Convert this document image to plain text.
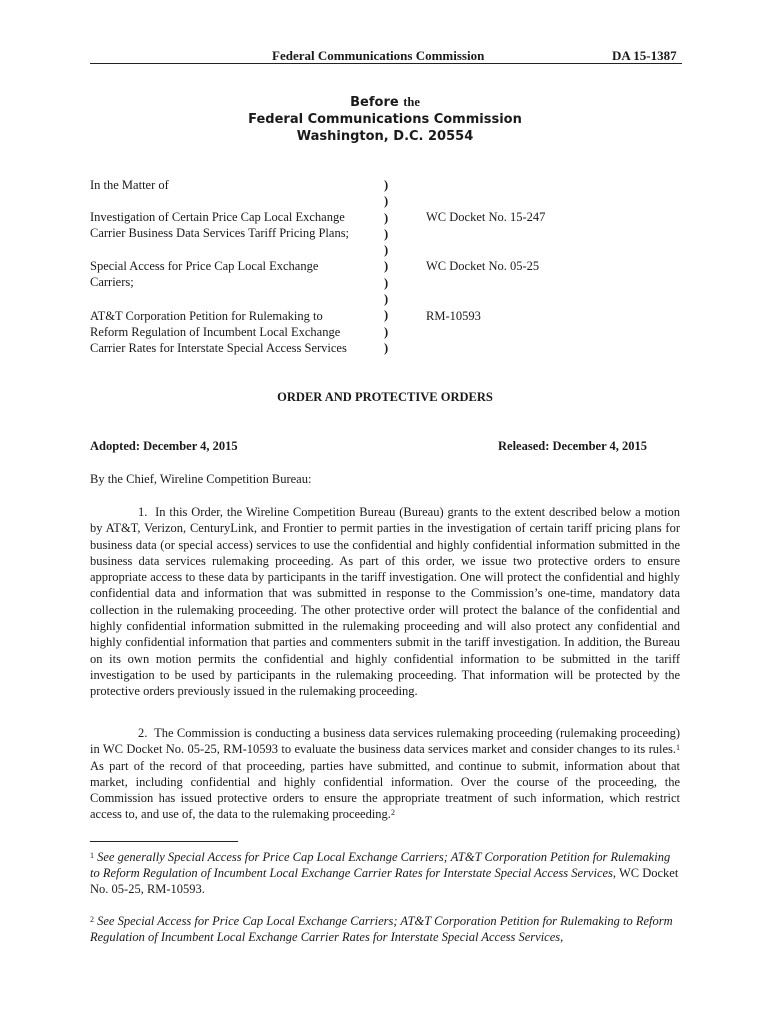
Federal Communications Commission	DA 15-1387
Before the
Federal Communications Commission
Washington, D.C. 20554
In the Matter of
Investigation of Certain Price Cap Local Exchange
Carrier Business Data Services Tariff Pricing Plans;
Special Access for Price Cap Local Exchange
Carriers;
AT&T Corporation Petition for Rulemaking to
Reform Regulation of Incumbent Local Exchange
Carrier Rates for Interstate Special Access Services
)
)
)
)
)
)
)
)
)
)
)
WC Docket No. 15-247
WC Docket No. 05-25
RM-10593
ORDER AND PROTECTIVE ORDERS
Adopted: December 4, 2015	Released: December 4, 2015
By the Chief, Wireline Competition Bureau:

1.  In this Order, the Wireline Competition Bureau (Bureau) grants to the extent described below a motion by AT&T, Verizon, CenturyLink, and Frontier to permit parties in the investigation of certain tariff pricing plans for business data (or special access) services to use the confidential and highly confidential information submitted in the business data services rulemaking proceeding. As part of this order, we issue two protective orders to ensure appropriate access to these data by participants in the tariff investigation. One will protect the confidential and highly confidential data and information that was submitted in response to the Commission’s one-time, mandatory data collection in the rulemaking proceeding. The other protective order will protect the balance of the confidential and highly confidential information submitted in the rulemaking proceeding and will also protect any confidential and highly confidential information that parties and commenters submit in the tariff investigation. In addition, the Bureau on its own motion permits the confidential and highly confidential information to be submitted in the tariff investigation to be used by participants in the rulemaking proceeding. That information will be protected by the protective orders previously issued in the rulemaking proceeding.

2.  The Commission is conducting a business data services rulemaking proceeding (rulemaking proceeding) in WC Docket No. 05-25, RM-10593 to evaluate the business data services market and consider changes to its rules.$^1$ As part of the record of that proceeding, parties have submitted, and continue to submit, information about that market, including confidential and highly confidential information. Over the course of the proceeding, the Commission has issued protective orders to ensure the appropriate treatment of such information, which restrict access to, and use of, the data to the rulemaking proceeding.$^2$

$^1$ See generally Special Access for Price Cap Local Exchange Carriers; AT&T Corporation Petition for Rulemaking to Reform Regulation of Incumbent Local Exchange Carrier Rates for Interstate Special Access Services, WC Docket No. 05-25, RM-10593.
$^2$ See Special Access for Price Cap Local Exchange Carriers; AT&T Corporation Petition for Rulemaking to Reform Regulation of Incumbent Local Exchange Carrier Rates for Interstate Special Access Services,
